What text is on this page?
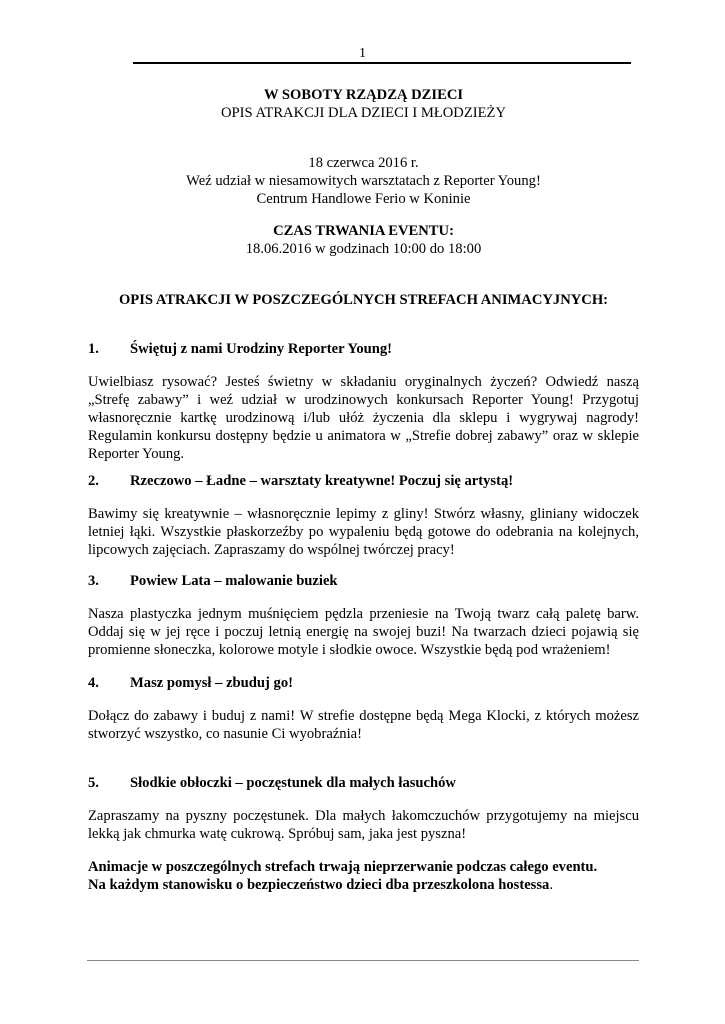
1
W SOBOTY RZĄDZĄ DZIECI
OPIS ATRAKCJI DLA DZIECI I MŁODZIEŻY
18 czerwca 2016 r.
Weź udział w niesamowitych warsztatach z Reporter Young!
Centrum Handlowe Ferio w Koninie
CZAS TRWANIA EVENTU:
18.06.2016 w godzinach 10:00 do 18:00
OPIS ATRAKCJI W POSZCZEGÓLNYCH STREFACH ANIMACYJNYCH:
1. Świętuj z nami Urodziny Reporter Young!

Uwielbiasz rysować? Jesteś świetny w składaniu oryginalnych życzeń? Odwiedź naszą „Strefę zabawy” i weź udział w urodzinowych konkursach Reporter Young! Przygotuj własnoręcznie kartkę urodzinową i/lub ułóż życzenia dla sklepu i wygrywaj nagrody! Regulamin konkursu dostępny będzie u animatora w „Strefie dobrej zabawy” oraz w sklepie Reporter Young.

2. Rzeczowo – Ładne – warsztaty kreatywne! Poczuj się artystą!

Bawimy się kreatywnie – własnoręcznie lepimy z gliny! Stwórz własny, gliniany widoczek letniej łąki. Wszystkie płaskorzeźby po wypaleniu będą gotowe do odebrania na kolejnych, lipcowych zajęciach. Zapraszamy do wspólnej twórczej pracy!

3. Powiew Lata – malowanie buziek

Nasza plastyczka jednym muśnięciem pędzla przeniesie na Twoją twarz całą paletę barw. Oddaj się w jej ręce i poczuj letnią energię na swojej buzi! Na twarzach dzieci pojawią się promienne słoneczka, kolorowe motyle i słodkie owoce. Wszystkie będą pod wrażeniem!

4. Masz pomysł – zbuduj go!

Dołącz do zabawy i buduj z nami! W strefie dostępne będą Mega Klocki, z których możesz stworzyć wszystko, co nasunie Ci wyobraźnia!

5. Słodkie obłoczki – poczęstunek dla małych łasuchów

Zapraszamy na pyszny poczęstunek. Dla małych łakomczuchów przygotujemy na miejscu lekką jak chmurka watę cukrową. Spróbuj sam, jaka jest pyszna!

Animacje w poszczególnych strefach trwają nieprzerwanie podczas całego eventu.
Na każdym stanowisku o bezpieczeństwo dzieci dba przeszkolona hostessa.
